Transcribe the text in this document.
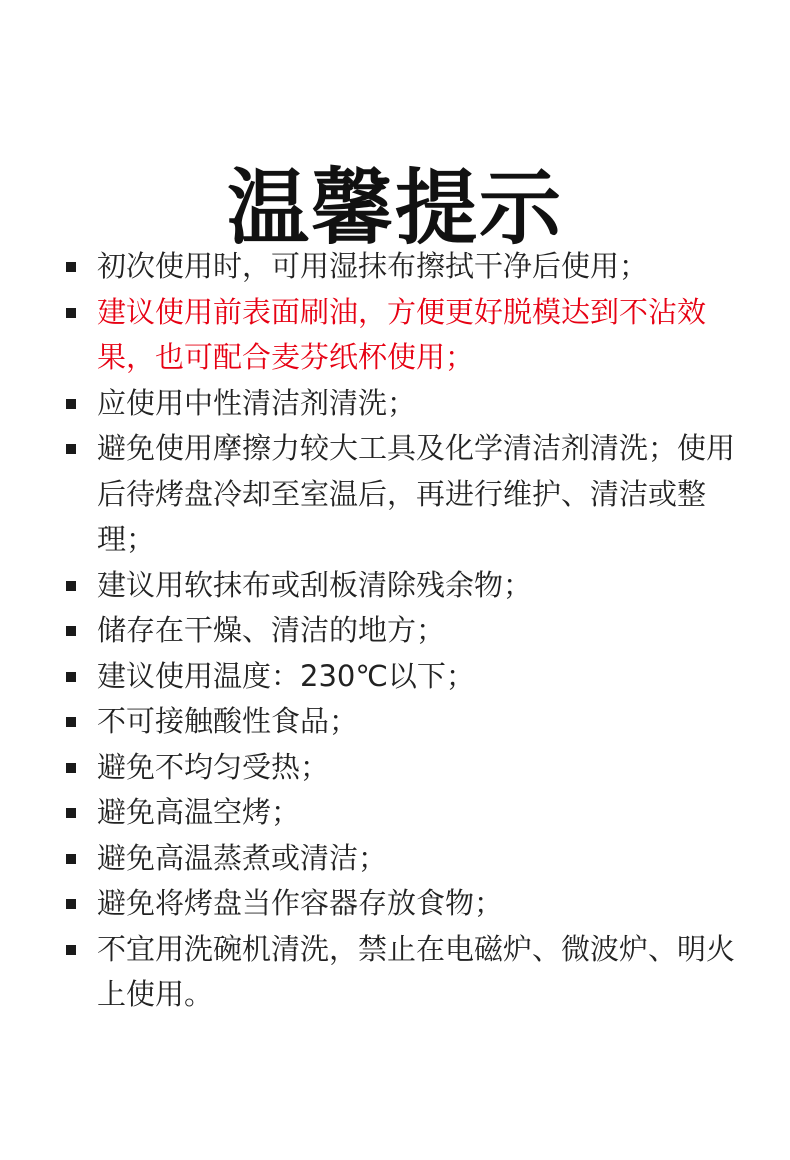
温馨提示
初次使用时，可用湿抹布擦拭干净后使用；
建议使用前表面刷油，方便更好脱模达到不沾效果，也可配合麦芬纸杯使用；
应使用中性清洁剂清洗；
避免使用摩擦力较大工具及化学清洁剂清洗；使用后待烤盘冷却至室温后，再进行维护、清洁或整理；
建议用软抹布或刮板清除残余物；
储存在干燥、清洁的地方；
建议使用温度：230℃以下；
不可接触酸性食品；
避免不均匀受热；
避免高温空烤；
避免高温蒸煮或清洁；
避免将烤盘当作容器存放食物；
不宜用洗碗机清洗，禁止在电磁炉、微波炉、明火上使用。
